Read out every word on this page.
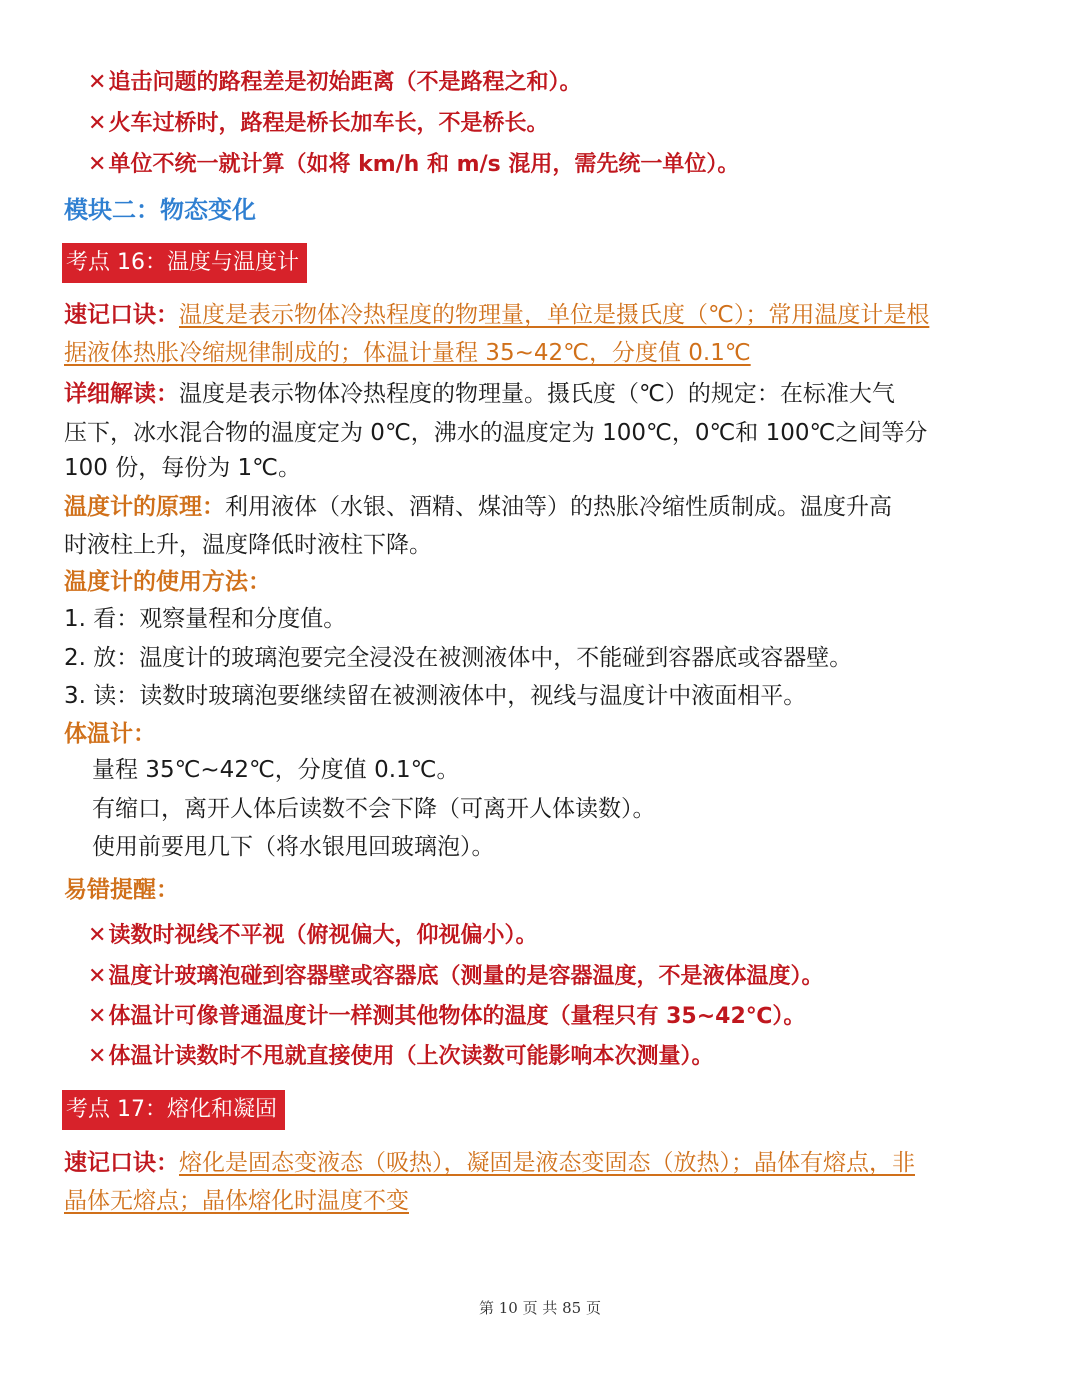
✕追击问题的路程差是初始距离（不是路程之和）。
✕火车过桥时，路程是桥长加车长，不是桥长。
✕单位不统一就计算（如将 km/h 和 m/s 混用，需先统一单位）。
模块二：物态变化
考点 16：温度与温度计
速记口诀：温度是表示物体冷热程度的物理量，单位是摄氏度（℃）；常用温度计是根
据液体热胀冷缩规律制成的；体温计量程 35~42℃，分度值 0.1℃
详细解读：温度是表示物体冷热程度的物理量。摄氏度（℃）的规定：在标准大气
压下，冰水混合物的温度定为 0℃，沸水的温度定为 100℃，0℃和 100℃之间等分
100 份，每份为 1℃。
温度计的原理：利用液体（水银、酒精、煤油等）的热胀冷缩性质制成。温度升高
时液柱上升，温度降低时液柱下降。
温度计的使用方法：
1. 看：观察量程和分度值。
2. 放：温度计的玻璃泡要完全浸没在被测液体中，不能碰到容器底或容器壁。
3. 读：读数时玻璃泡要继续留在被测液体中，视线与温度计中液面相平。
体温计：
量程 35℃~42℃，分度值 0.1℃。
有缩口，离开人体后读数不会下降（可离开人体读数）。
使用前要甩几下（将水银甩回玻璃泡）。
易错提醒：
✕读数时视线不平视（俯视偏大，仰视偏小）。
✕温度计玻璃泡碰到容器壁或容器底（测量的是容器温度，不是液体温度）。
✕体温计可像普通温度计一样测其他物体的温度（量程只有 35~42℃）。
✕体温计读数时不甩就直接使用（上次读数可能影响本次测量）。
考点 17：熔化和凝固
速记口诀：熔化是固态变液态（吸热），凝固是液态变固态（放热）；晶体有熔点，非
晶体无熔点；晶体熔化时温度不变
第 10 页 共 85 页
